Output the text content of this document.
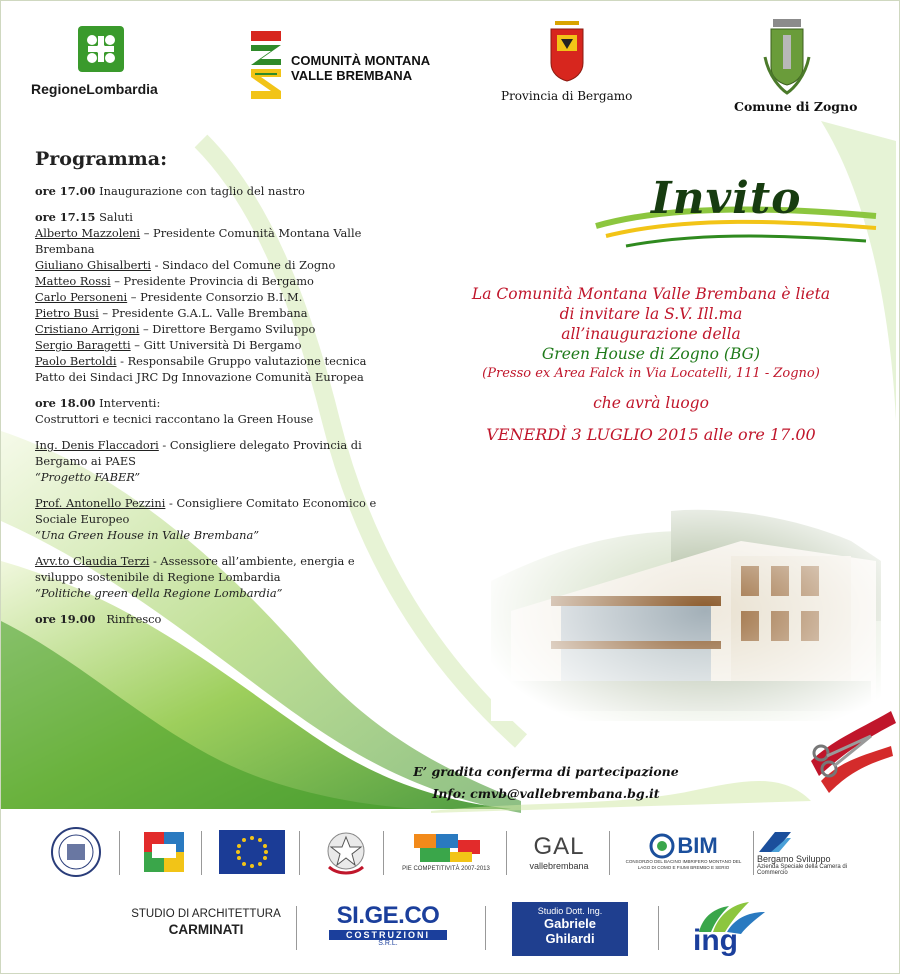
RegioneLombardia
COMUNITÀ MONTANA
VALLE BREMBANA
Provincia di Bergamo
Comune di Zogno
Programma:
ore 17.00 Inaugurazione con taglio del nastro

ore 17.15 Saluti

Alberto Mazzoleni – Presidente Comunità Montana Valle Brembana

Giuliano Ghisalberti - Sindaco del Comune di Zogno

Matteo Rossi – Presidente Provincia di Bergamo

Carlo Personeni – Presidente Consorzio B.I.M.

Pietro Busi – Presidente G.A.L. Valle Brembana

Cristiano Arrigoni – Direttore Bergamo Sviluppo

Sergio Baragetti – Gitt Università Di Bergamo

Paolo Bertoldi - Responsabile Gruppo valutazione tecnica

Patto dei Sindaci JRC Dg Innovazione Comunità Europea

ore 18.00 Interventi:

Costruttori e tecnici raccontano la Green House

Ing. Denis Flaccadori - Consigliere delegato Provincia di Bergamo ai PAES

“Progetto FABER”

Prof. Antonello Pezzini - Consigliere Comitato Economico e Sociale Europeo

“Una Green House in Valle Brembana”

Avv.to Claudia Terzi - Assessore all’ambiente, energia e sviluppo sostenibile di Regione Lombardia

“Politiche green della Regione Lombardia”

ore 19.00 Rinfresco
Invito
La Comunità Montana Valle Brembana è lieta
di invitare la S.V. Ill.ma
all’inaugurazione della
Green House di Zogno (BG)
(Presso ex Area Falck in Via Locatelli, 111 - Zogno)
che avrà luogo
VENERDÌ 3 LUGLIO 2015 alle ore 17.00
E’ gradita conferma di partecipazione
Info: cmvb@vallebrembana.bg.it
PIE COMPETITIVITÀ 2007-2013
GAL
vallebrembana
BIM
CONSORZIO DEL BACINO IMBRIFERO MONTANO DEL LAGO DI COMO E FIUMI BREMBO E SERIO
Bergamo Sviluppo
Azienda Speciale della Camera di Commercio
STUDIO DI ARCHITETTURA
CARMINATI
SI.GE.CO
COSTRUZIONI
S.R.L.
Studio Dott. Ing.
Gabriele
Ghilardi	ing
